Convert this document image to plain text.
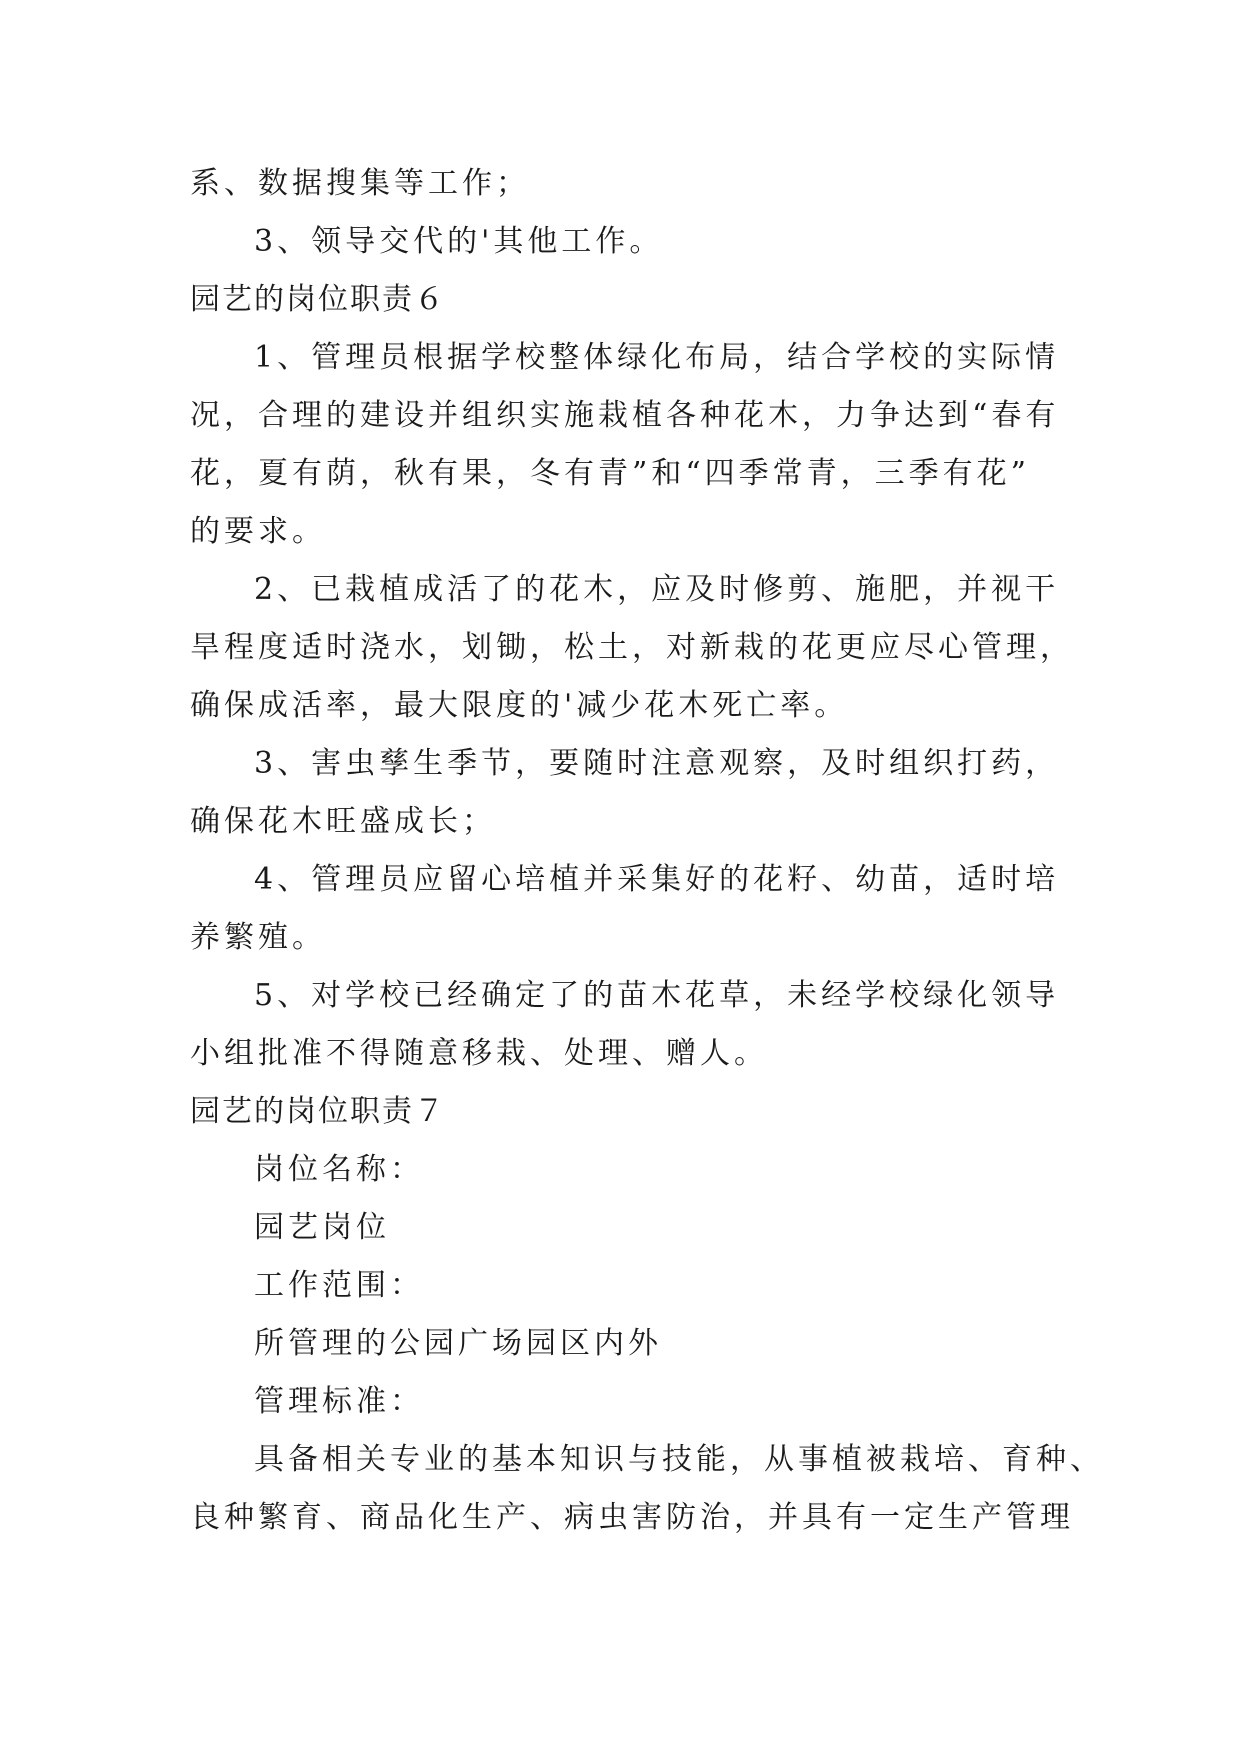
系、数据搜集等工作；
3、领导交代的'其他工作。
园艺的岗位职责６
1、管理员根据学校整体绿化布局，结合学校的实际情
况，合理的建设并组织实施栽植各种花木，力争达到“春有
花，夏有荫，秋有果，冬有青”和“四季常青，三季有花”
的要求。
2、已栽植成活了的花木，应及时修剪、施肥，并视干
旱程度适时浇水，划锄，松土，对新栽的花更应尽心管理，
确保成活率，最大限度的'减少花木死亡率。
3、害虫孳生季节，要随时注意观察，及时组织打药，
确保花木旺盛成长；
4、管理员应留心培植并采集好的花籽、幼苗，适时培
养繁殖。
5、对学校已经确定了的苗木花草，未经学校绿化领导
小组批准不得随意移栽、处理、赠人。
园艺的岗位职责７
岗位名称：
园艺岗位
工作范围：
所管理的公园广场园区内外
管理标准：
具备相关专业的基本知识与技能，从事植被栽培、育种、
良种繁育、商品化生产、病虫害防治，并具有一定生产管理
